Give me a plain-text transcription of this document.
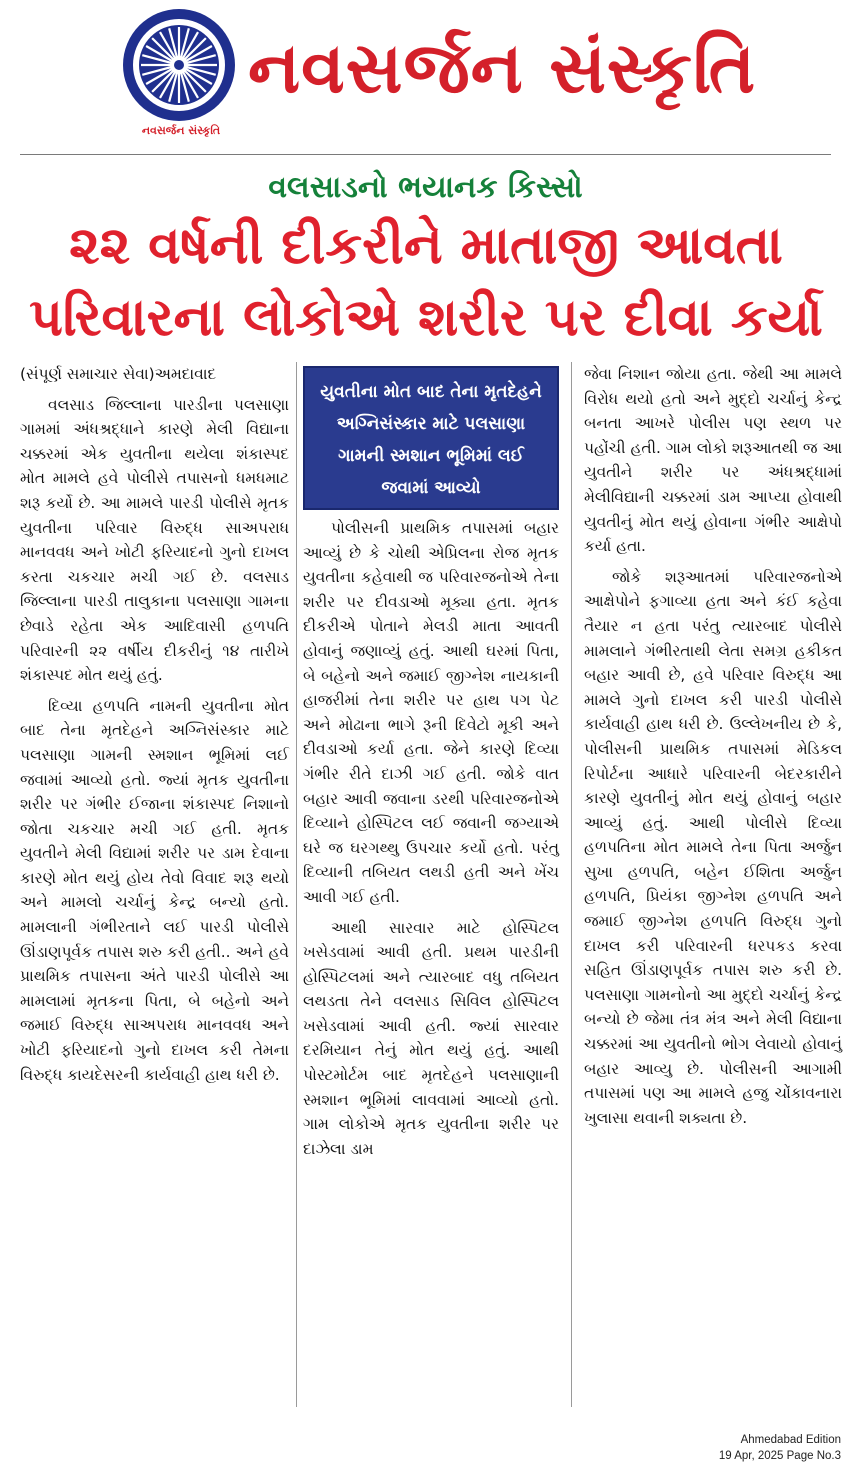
નવસર્જન સંસ્કૃતિ
નવસર્જન સંસ્કૃતિ
વલસાડનો ભયાનક કિસ્સો
૨૨ વર્ષની દીકરીને માતાજી આવતા
પરિવારના લોકોએ શરીર પર દીવા કર્યા

(સંપૂર્ણ સમાચાર સેવા)અમદાવાદ

વલસાડ જિલ્લાના પારડીના પલસાણા ગામમાં અંધશ્રદ્ધાને કારણે મેલી વિદ્યાના ચક્કરમાં એક યુવતીના થયેલા શંકાસ્પદ મોત મામલે હવે પોલીસે તપાસનો ધમધમાટ શરૂ કર્યો છે. આ મામલે પારડી પોલીસે મૃતક યુવતીના પરિવાર વિરુદ્ધ સાઅપરાધ માનવવધ અને ખોટી ફરિયાદનો ગુનો દાખલ કરતા ચકચાર મચી ગઈ છે. વલસાડ જિલ્લાના પારડી તાલુકાના પલસાણા ગામના છેવાડે રહેતા એક આદિવાસી હળપતિ પરિવારની ૨૨ વર્ષીય દીકરીનું ૧૪ તારીખે શંકાસ્પદ મોત થયું હતું.

દિવ્યા હળપતિ નામની યુવતીના મોત બાદ તેના મૃતદેહને અગ્નિસંસ્કાર માટે પલસાણા ગામની સ્મશાન ભૂમિમાં લઈ જવામાં આવ્યો હતો. જ્યાં મૃતક યુવતીના શરીર પર ગંભીર ઈજાના શંકાસ્પદ નિશાનો જોતા ચકચાર મચી ગઈ હતી. મૃતક યુવતીને મેલી વિદ્યામાં શરીર પર ડામ દેવાના કારણે મોત થયું હોય તેવો વિવાદ શરૂ થયો અને મામલો ચર્ચાનું કેન્દ્ર બન્યો હતો. મામલાની ગંભીરતાને લઈ પારડી પોલીસે ઊંડાણપૂર્વક તપાસ શરુ કરી હતી.. અને હવે પ્રાથમિક તપાસના અંતે પારડી પોલીસે આ મામલામાં મૃતકના પિતા, બે બહેનો અને જમાઈ વિરુદ્ધ સાઅપરાધ માનવવધ અને ખોટી ફરિયાદનો ગુનો દાખલ કરી તેમના વિરુદ્ધ કાયદેસરની કાર્યવાહી હાથ ધરી છે.

યુવતીના મોત બાદ તેના મૃતદેહને અગ્નિસંસ્કાર માટે પલસાણા ગામની સ્મશાન ભૂમિમાં લઈ જવામાં આવ્યો

પોલીસની પ્રાથમિક તપાસમાં બહાર આવ્યું છે કે ચોથી એપ્રિલના રોજ મૃતક યુવતીના કહેવાથી જ પરિવારજનોએ તેના શરીર પર દીવડાઓ મૂક્યા હતા. મૃતક દીકરીએ પોતાને મેલડી માતા આવતી હોવાનું જણાવ્યું હતું. આથી ઘરમાં પિતા, બે બહેનો અને જમાઈ જીગ્નેશ નાયકાની હાજરીમાં તેના શરીર પર હાથ પગ પેટ અને મોઢાના ભાગે રૂની દિવેટો મૂકી અને દીવડાઓ કર્યા હતા. જેને કારણે દિવ્યા ગંભીર રીતે દાઝી ગઈ હતી. જોકે વાત બહાર આવી જવાના ડરથી પરિવારજનોએ દિવ્યાને હોસ્પિટલ લઈ જવાની જગ્યાએ ઘરે જ ઘરગથ્થુ ઉપચાર કર્યો હતો. પરંતુ દિવ્યાની તબિયત લથડી હતી અને ખેંચ આવી ગઈ હતી.

આથી સારવાર માટે હોસ્પિટલ ખસેડવામાં આવી હતી. પ્રથમ પારડીની હોસ્પિટલમાં અને ત્યારબાદ વધુ તબિયત લથડતા તેને વલસાડ સિવિલ હોસ્પિટલ ખસેડવામાં આવી હતી. જ્યાં સારવાર દરમિયાન તેનું મોત થયું હતું. આથી પોસ્ટમોર્ટમ બાદ મૃતદેહને પલસાણાની સ્મશાન ભૂમિમાં લાવવામાં આવ્યો હતો. ગામ લોકોએ મૃતક યુવતીના શરીર પર દાઝેલા ડામ

જેવા નિશાન જોયા હતા. જેથી આ મામલે વિરોધ થયો હતો અને મુદ્દો ચર્ચાનું કેન્દ્ર બનતા આખરે પોલીસ પણ સ્થળ પર પહોંચી હતી. ગામ લોકો શરૂઆતથી જ આ યુવતીને શરીર પર અંધશ્રદ્ધામાં મેલીવિદ્યાની ચક્કરમાં ડામ આપ્યા હોવાથી યુવતીનું મોત થયું હોવાના ગંભીર આક્ષેપો કર્યા હતા.

જોકે શરૂઆતમાં પરિવારજનોએ આક્ષેપોને ફગાવ્યા હતા અને કંઈ કહેવા તૈયાર ન હતા પરંતુ ત્યારબાદ પોલીસે મામલાને ગંભીરતાથી લેતા સમગ્ર હકીકત બહાર આવી છે, હવે પરિવાર વિરુદ્ધ આ મામલે ગુનો દાખલ કરી પારડી પોલીસે કાર્યવાહી હાથ ધરી છે. ઉલ્લેખનીય છે કે, પોલીસની પ્રાથમિક તપાસમાં મેડિકલ રિપોર્ટના આધારે પરિવારની બેદરકારીને કારણે યુવતીનું મોત થયું હોવાનું બહાર આવ્યું હતું. આથી પોલીસે દિવ્યા હળપતિના મોત મામલે તેના પિતા અર્જુન સુખા હળપતિ, બહેન ઈશિતા અર્જુન હળપતિ, પ્રિયંકા જીગ્નેશ હળપતિ અને જમાઈ જીગ્નેશ હળપતિ વિરુદ્ધ ગુનો દાખલ કરી પરિવારની ધરપકડ કરવા સહિત ઊંડાણપૂર્વક તપાસ શરુ કરી છે. પલસાણા ગામનોનો આ મુદ્દો ચર્ચાનું કેન્દ્ર બન્યો છે જેમા તંત્ર મંત્ર અને મેલી વિદ્યાના ચક્કરમાં આ યુવતીનો ભોગ લેવાયો હોવાનું બહાર આવ્યુ છે. પોલીસની આગામી તપાસમાં પણ આ મામલે હજુ ચોંકાવનારા ખુલાસા થવાની શક્યતા છે.

Ahmedabad Edition
19 Apr, 2025 Page No.3
